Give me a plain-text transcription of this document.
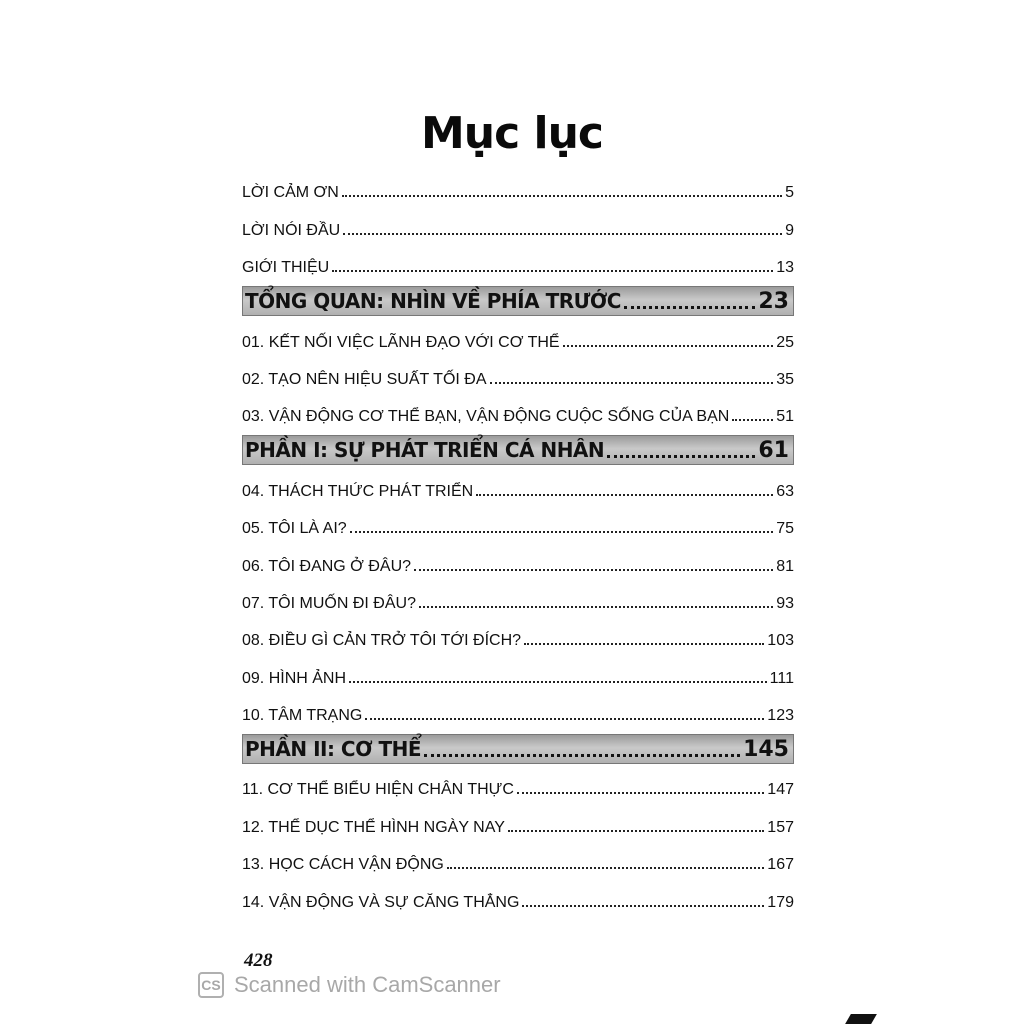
Mục lục
LỜI CẢM ƠN	5
LỜI NÓI ĐẦU	9
GIỚI THIỆU	13
TỔNG QUAN: NHÌN VỀ PHÍA TRƯỚC	23
01. KẾT NỐI VIỆC LÃNH ĐẠO VỚI CƠ THỂ	25
02. TẠO NÊN HIỆU SUẤT TỐI ĐA	35
03. VẬN ĐỘNG CƠ THỂ BẠN, VẬN ĐỘNG CUỘC SỐNG CỦA BẠN	51
PHẦN I: SỰ PHÁT TRIỂN CÁ NHÂN	61
04. THÁCH THỨC PHÁT TRIỂN	63
05. TÔI LÀ AI?	75
06. TÔI ĐANG Ở ĐÂU?	81
07. TÔI MUỐN ĐI ĐÂU?	93
08. ĐIỀU GÌ CẢN TRỞ TÔI TỚI ĐÍCH?	103
09. HÌNH ẢNH	111
10. TÂM TRẠNG	123
PHẦN II: CƠ THỂ	145
11. CƠ THỂ BIỂU HIỆN CHÂN THỰC	147
12. THỂ DỤC THỂ HÌNH NGÀY NAY	157
13. HỌC CÁCH VẬN ĐỘNG	167
14. VẬN ĐỘNG VÀ SỰ CĂNG THẲNG	179
428
CS Scanned with CamScanner
